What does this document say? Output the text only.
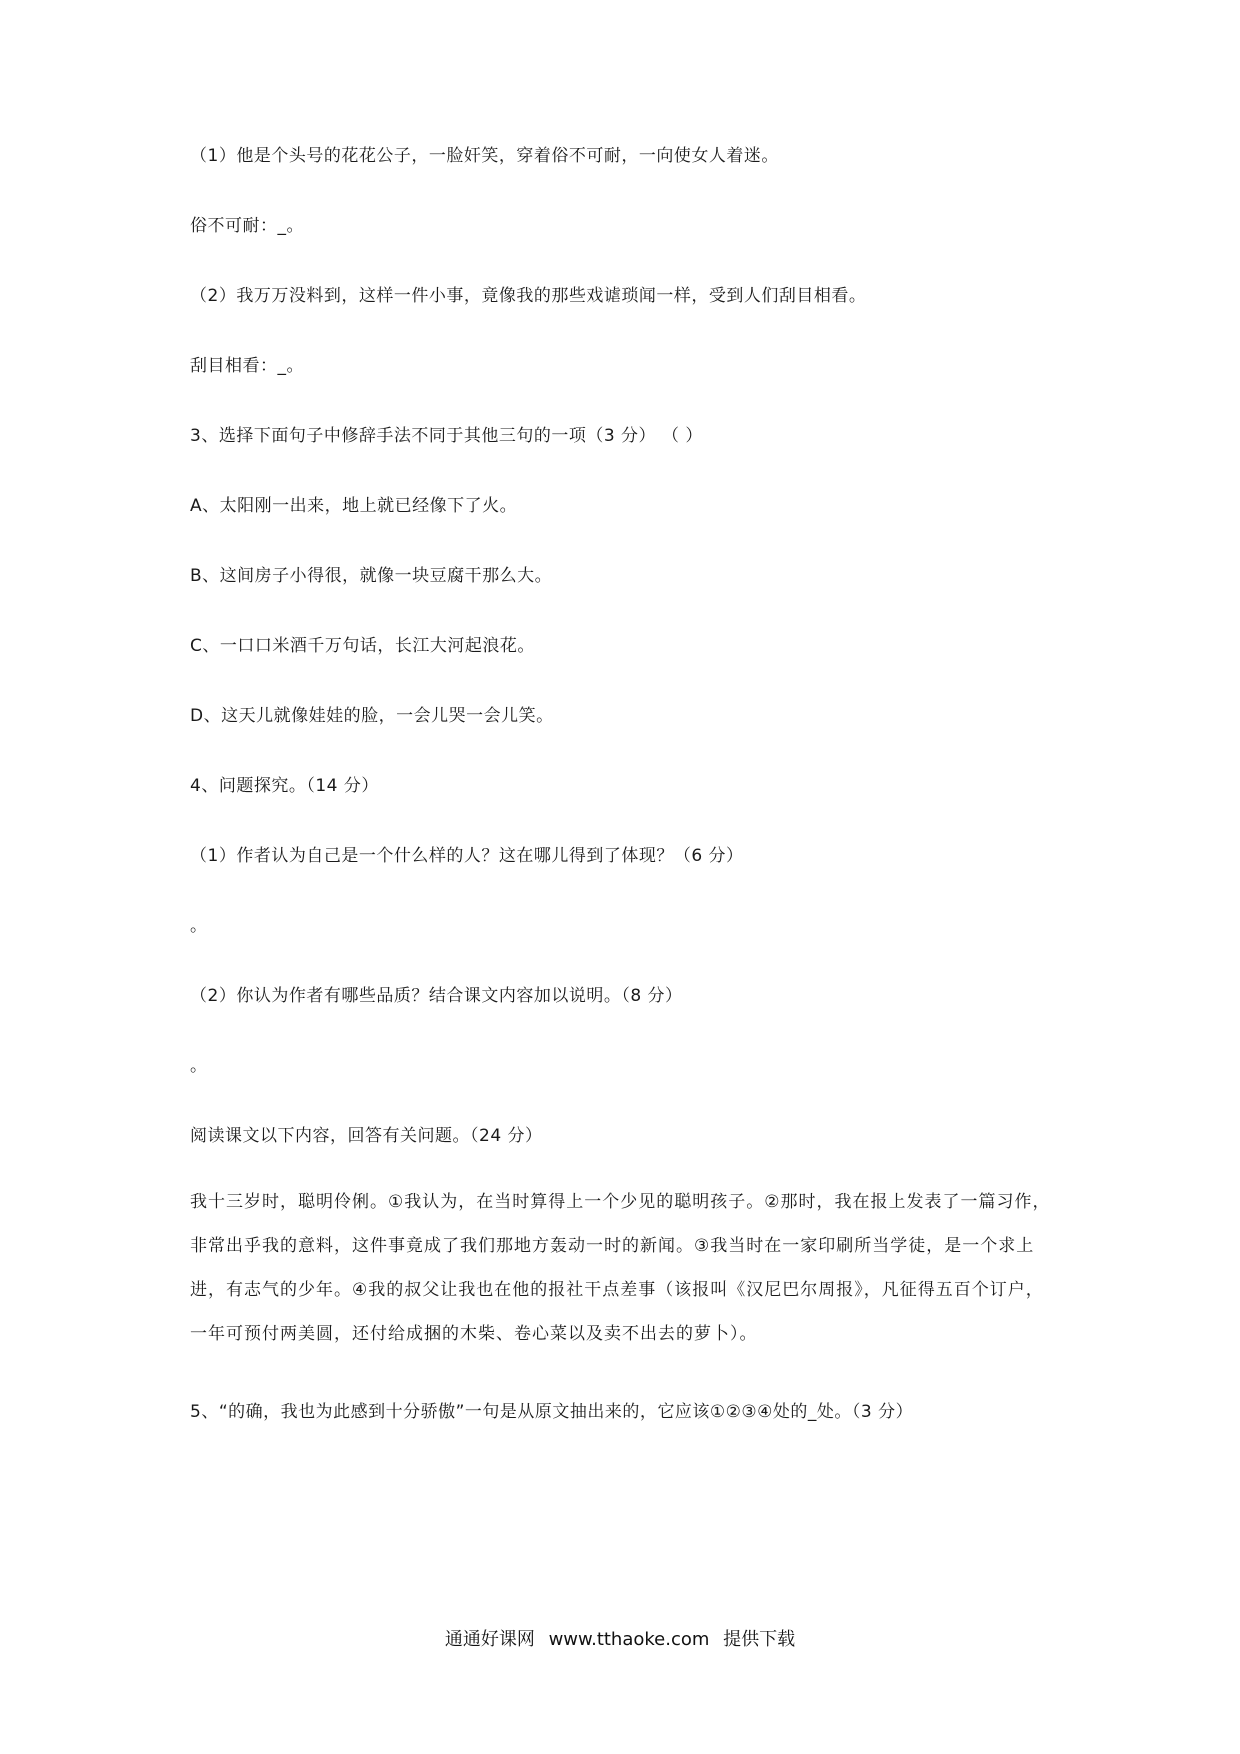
（1）他是个头号的花花公子，一脸奸笑，穿着俗不可耐，一向使女人着迷。
俗不可耐：_。
（2）我万万没料到，这样一件小事，竟像我的那些戏谑琐闻一样，受到人们刮目相看。
刮目相看：_。
3、选择下面句子中修辞手法不同于其他三句的一项（3 分） （ ）
A、太阳刚一出来，地上就已经像下了火。
B、这间房子小得很，就像一块豆腐干那么大。
C、一口口米酒千万句话，长江大河起浪花。
D、这天儿就像娃娃的脸，一会儿哭一会儿笑。
4、问题探究。（14 分）
（1）作者认为自己是一个什么样的人？这在哪儿得到了体现？（6 分）
。
（2）你认为作者有哪些品质？结合课文内容加以说明。（8 分）
。
阅读课文以下内容，回答有关问题。（24 分）
我十三岁时，聪明伶俐。①我认为，在当时算得上一个少见的聪明孩子。②那时，我在报上发表了一篇习作，非常出乎我的意料，这件事竟成了我们那地方轰动一时的新闻。③我当时在一家印刷所当学徒，是一个求上进，有志气的少年。④我的叔父让我也在他的报社干点差事（该报叫《汉尼巴尔周报》，凡征得五百个订户，一年可预付两美圆，还付给成捆的木柴、卷心菜以及卖不出去的萝卜）。
5、“的确，我也为此感到十分骄傲”一句是从原文抽出来的，它应该①②③④处的_处。（3 分）
通通好课网 www.tthaoke.com 提供下载
